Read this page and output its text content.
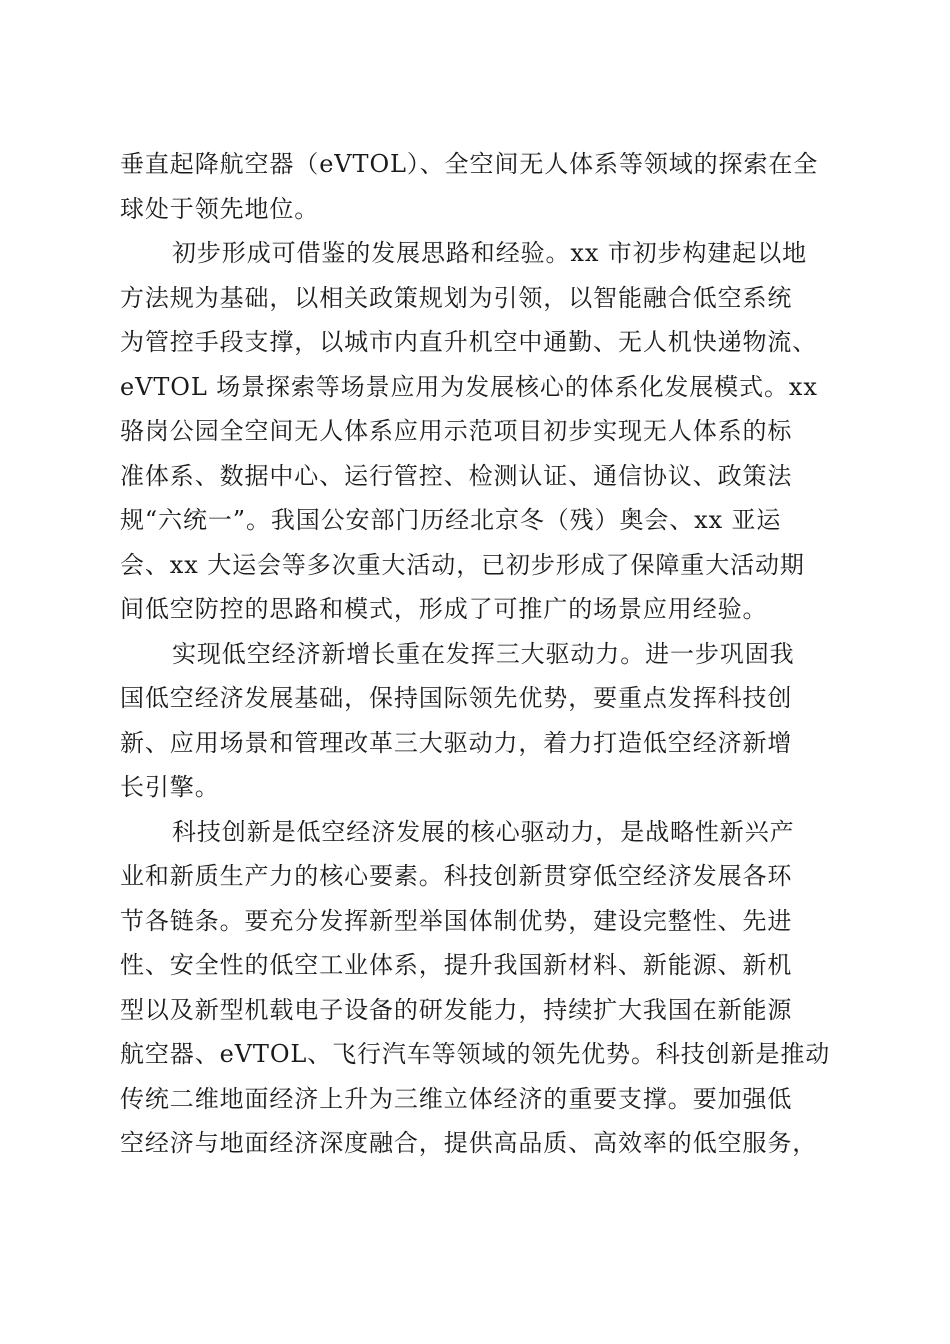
垂直起降航空器（eVTOL）、全空间无人体系等领域的探索在全
球处于领先地位。
初步形成可借鉴的发展思路和经验。xx 市初步构建起以地
方法规为基础，以相关政策规划为引领，以智能融合低空系统
为管控手段支撑，以城市内直升机空中通勤、无人机快递物流、
eVTOL 场景探索等场景应用为发展核心的体系化发展模式。xx
骆岗公园全空间无人体系应用示范项目初步实现无人体系的标
准体系、数据中心、运行管控、检测认证、通信协议、政策法
规“六统一”。我国公安部门历经北京冬（残）奥会、xx 亚运
会、xx 大运会等多次重大活动，已初步形成了保障重大活动期
间低空防控的思路和模式，形成了可推广的场景应用经验。
实现低空经济新增长重在发挥三大驱动力。进一步巩固我
国低空经济发展基础，保持国际领先优势，要重点发挥科技创
新、应用场景和管理改革三大驱动力，着力打造低空经济新增
长引擎。
科技创新是低空经济发展的核心驱动力，是战略性新兴产
业和新质生产力的核心要素。科技创新贯穿低空经济发展各环
节各链条。要充分发挥新型举国体制优势，建设完整性、先进
性、安全性的低空工业体系，提升我国新材料、新能源、新机
型以及新型机载电子设备的研发能力，持续扩大我国在新能源
航空器、eVTOL、飞行汽车等领域的领先优势。科技创新是推动
传统二维地面经济上升为三维立体经济的重要支撑。要加强低
空经济与地面经济深度融合，提供高品质、高效率的低空服务，
